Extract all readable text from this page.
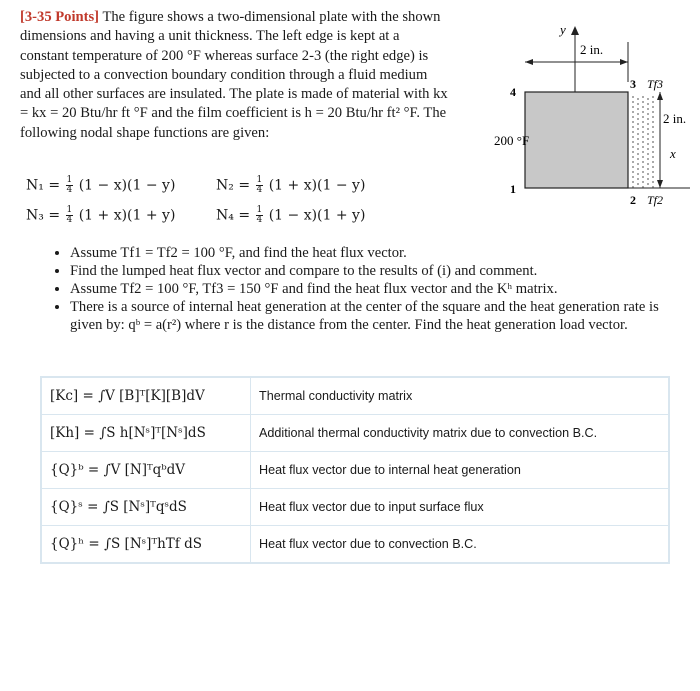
[3-35 Points] The figure shows a two-dimensional plate with the shown dimensions and having a unit thickness. The left edge is kept at a constant temperature of 200 °F whereas surface 2-3 (the right edge) is subjected to a convection boundary condition through a fluid medium and all other surfaces are insulated. The plate is made of material with kx = kx = 20 Btu/hr ft °F and the film coefficient is h = 20 Btu/hr ft² °F. The following nodal shape functions are given:
y
2 in.
2 in.
x
200 °F
4
1
3 Tf3
2 Tf2
$N_1 = \frac{1}{4} (1 - x)(1 - y)$	$N_2 = \frac{1}{4} (1 + x)(1 - y)$
$N_3 = \frac{1}{4} (1 + x)(1 + y)$	$N_4 = \frac{1}{4} (1 - x)(1 + y)$
• Assume Tf1 = Tf2 = 100 °F, and find the heat flux vector.
• Find the lumped heat flux vector and compare to the results of (i) and comment.
• Assume Tf2 = 100 °F, Tf3 = 150 °F and find the heat flux vector and the Kʰ matrix.
• There is a source of internal heat generation at the center of the square and the heat generation rate is given by: qᵇ = a(r²) where r is the distance from the center. Find the heat generation load vector.
[Kc] = ∫V [B]ᵀ[K][B]dV	Thermal conductivity matrix
[Kh] = ∫S h[Nˢ]ᵀ[Nˢ]dS	Additional thermal conductivity matrix due to convection B.C.
{Q}ᵇ = ∫V [N]ᵀqᵇdV	Heat flux vector due to internal heat generation
{Q}ˢ = ∫S [Nˢ]ᵀqˢdS	Heat flux vector due to input surface flux
{Q}ʰ = ∫S [Nˢ]ᵀhTf dS	Heat flux vector due to convection B.C.
